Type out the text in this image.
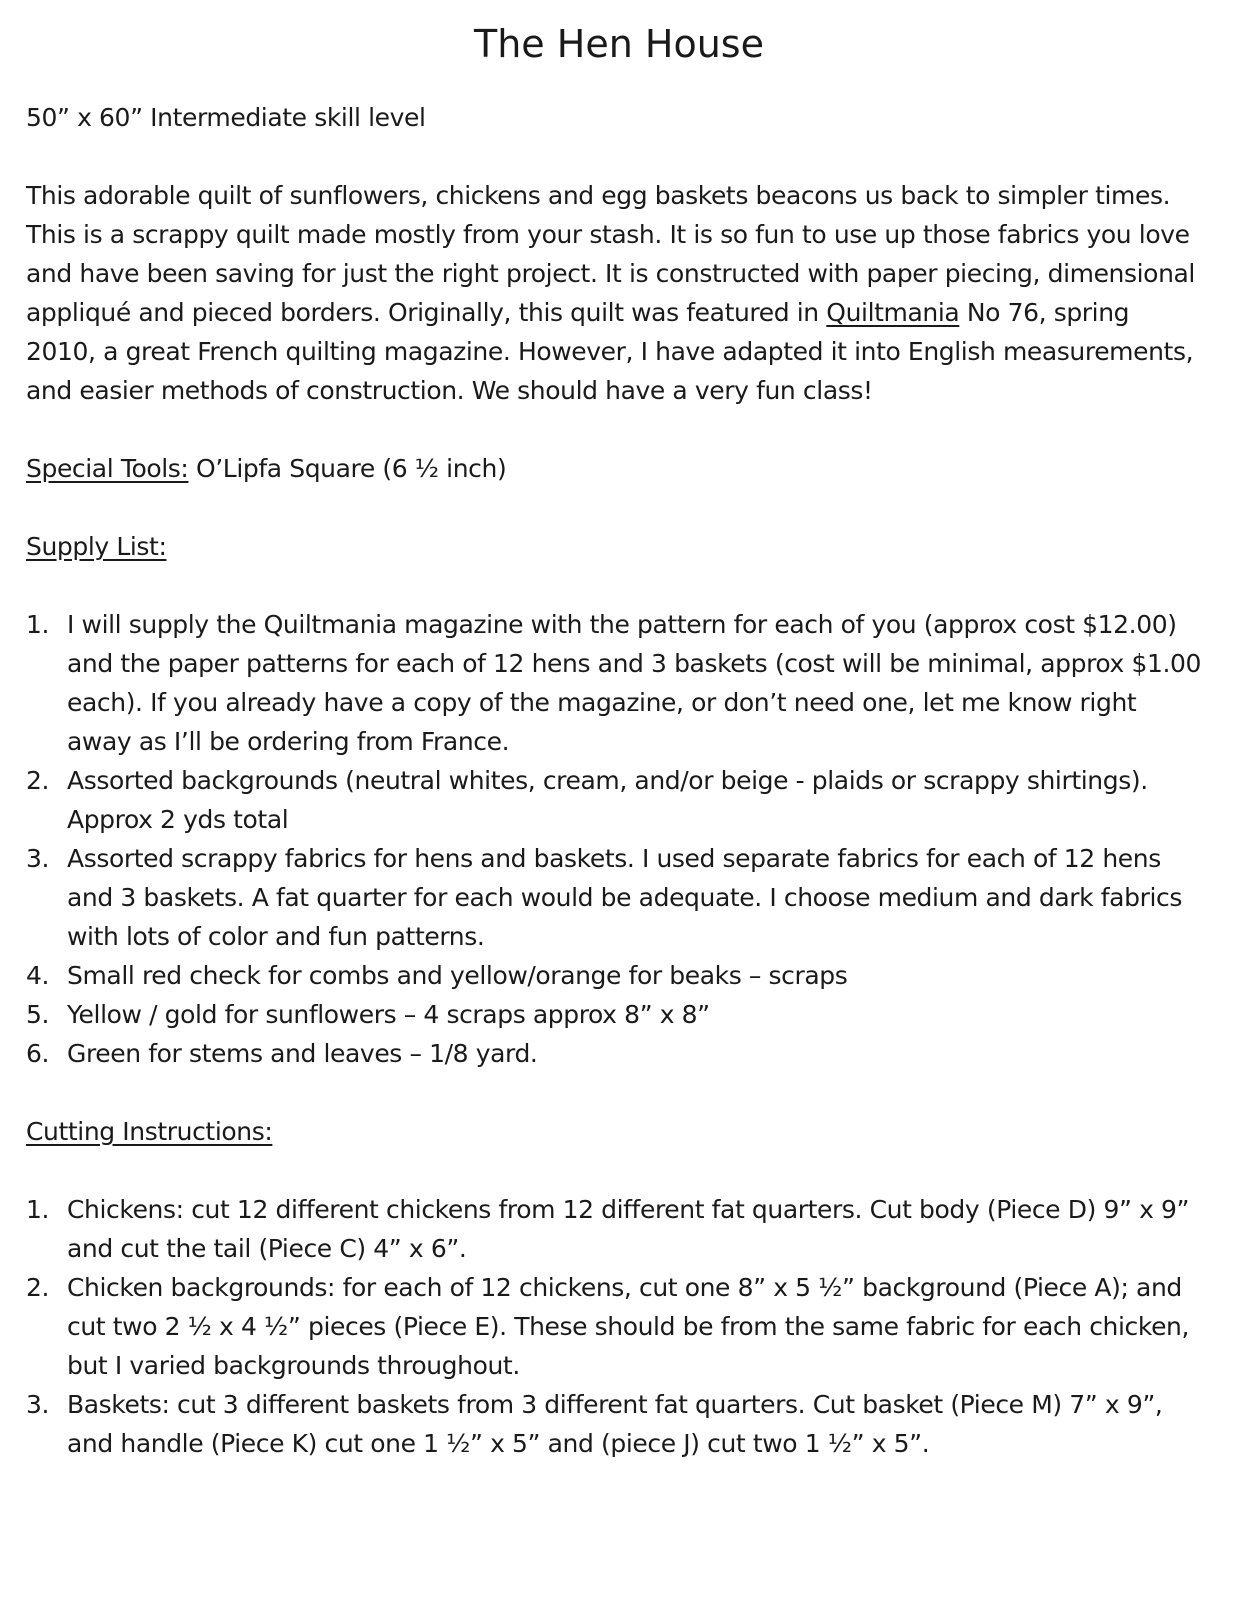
The Hen House

50” x 60” Intermediate skill level

This adorable quilt of sunflowers, chickens and egg baskets beacons us back to simpler times. This is a scrappy quilt made mostly from your stash. It is so fun to use up those fabrics you love and have been saving for just the right project. It is constructed with paper piecing, dimensional appliqué and pieced borders. Originally, this quilt was featured in Quiltmania No 76, spring 2010, a great French quilting magazine. However, I have adapted it into English measurements, and easier methods of construction. We should have a very fun class!

Special Tools: O’Lipfa Square (6 ½ inch)

Supply List:

1. I will supply the Quiltmania magazine with the pattern for each of you (approx cost $12.00) and the paper patterns for each of 12 hens and 3 baskets (cost will be minimal, approx $1.00 each). If you already have a copy of the magazine, or don’t need one, let me know right away as I’ll be ordering from France.
2. Assorted backgrounds (neutral whites, cream, and/or beige - plaids or scrappy shirtings). Approx 2 yds total
3. Assorted scrappy fabrics for hens and baskets. I used separate fabrics for each of 12 hens and 3 baskets. A fat quarter for each would be adequate. I choose medium and dark fabrics with lots of color and fun patterns.
4. Small red check for combs and yellow/orange for beaks – scraps
5. Yellow / gold for sunflowers – 4 scraps approx 8” x 8”
6. Green for stems and leaves – 1/8 yard.

Cutting Instructions:

1. Chickens: cut 12 different chickens from 12 different fat quarters. Cut body (Piece D) 9” x 9” and cut the tail (Piece C) 4” x 6”.
2. Chicken backgrounds: for each of 12 chickens, cut one 8” x 5 ½” background (Piece A); and cut two 2 ½ x 4 ½” pieces (Piece E). These should be from the same fabric for each chicken, but I varied backgrounds throughout.
3. Baskets: cut 3 different baskets from 3 different fat quarters. Cut basket (Piece M) 7” x 9”, and handle (Piece K) cut one 1 ½” x 5” and (piece J) cut two 1 ½” x 5”.
